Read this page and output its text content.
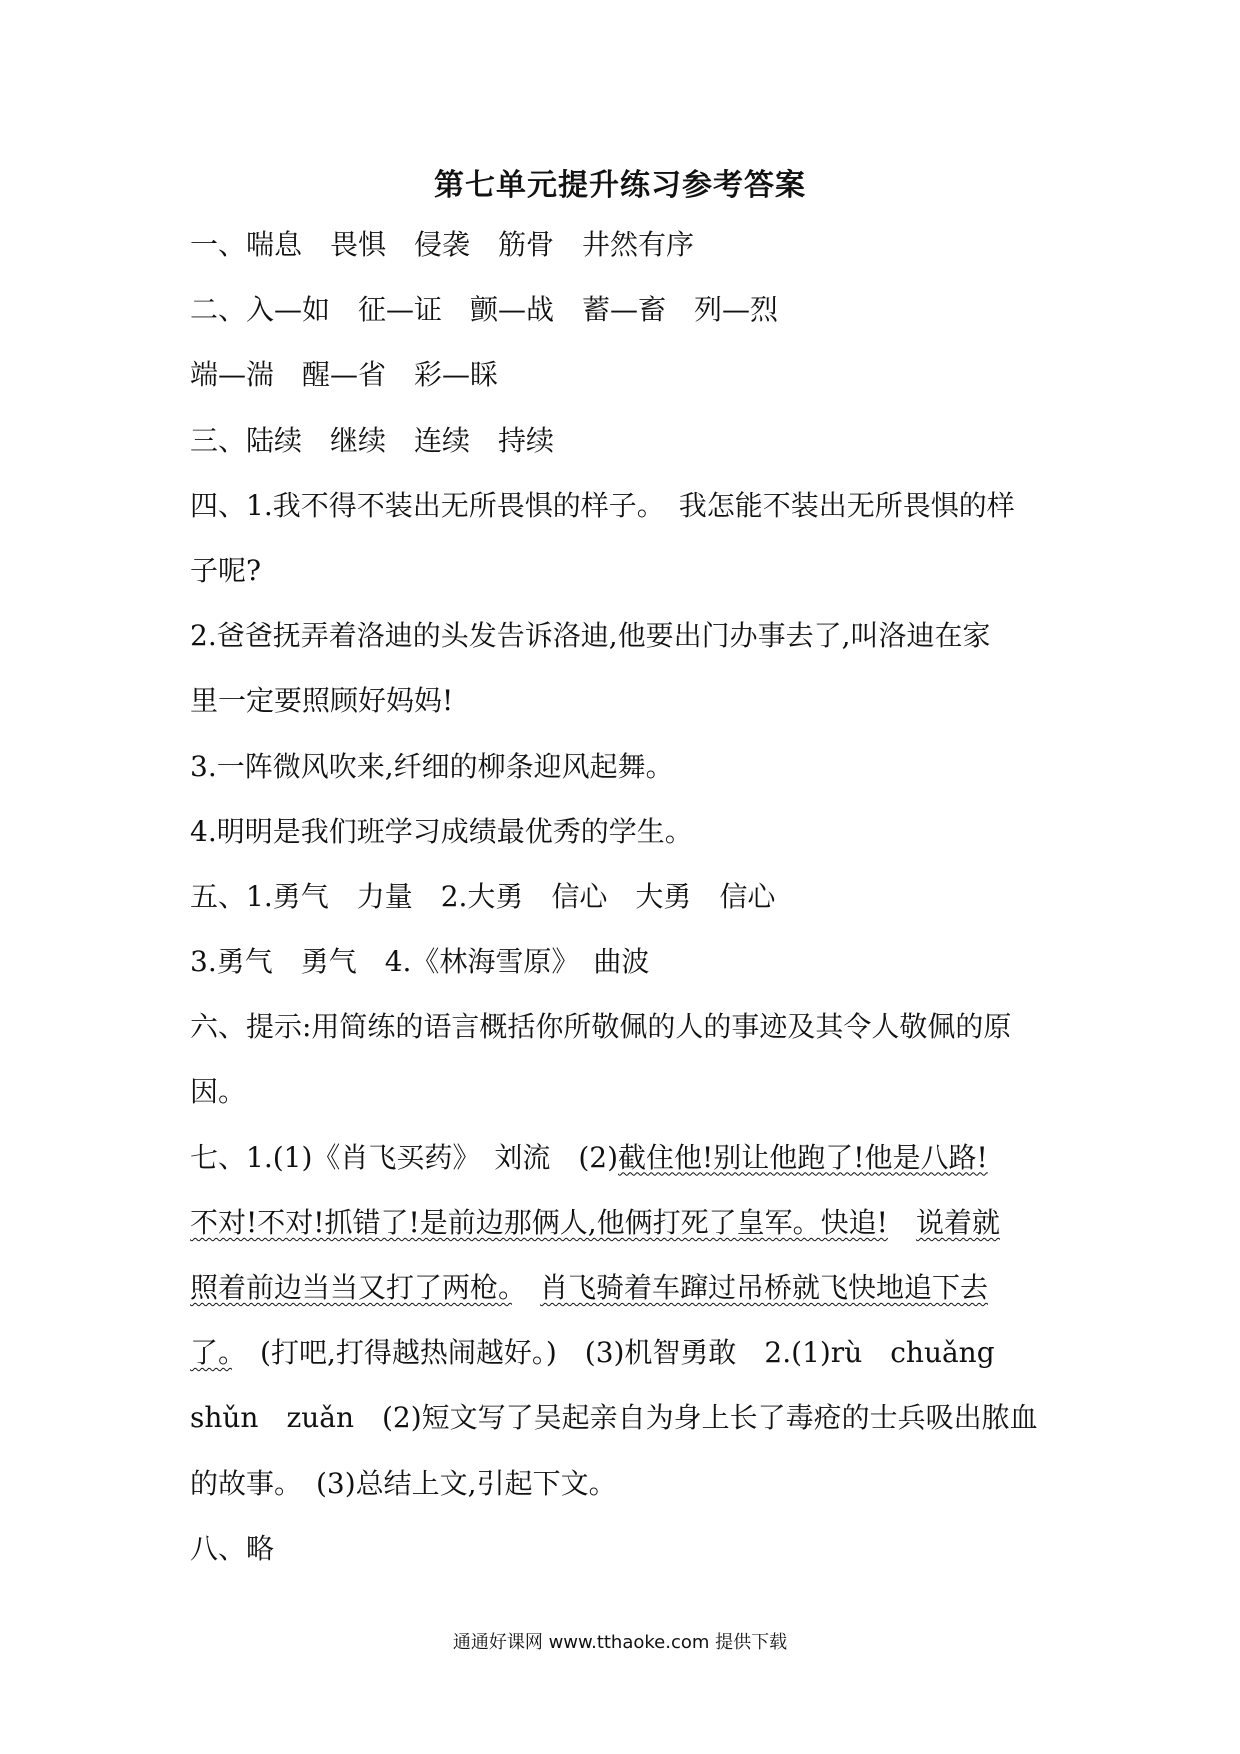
第七单元提升练习参考答案
一、喘息　畏惧　侵袭　筋骨　井然有序
二、入—如　征—证　颤—战　蓄—畜　列—烈
端—湍　醒—省　彩—睬
三、陆续　继续　连续　持续
四、1.我不得不装出无所畏惧的样子。　我怎能不装出无所畏惧的样
子呢?
2.爸爸抚弄着洛迪的头发告诉洛迪,他要出门办事去了,叫洛迪在家
里一定要照顾好妈妈!
3.一阵微风吹来,纤细的柳条迎风起舞。
4.明明是我们班学习成绩最优秀的学生。
五、1.勇气　力量　2.大勇　信心　大勇　信心
3.勇气　勇气　4.《林海雪原》　曲波
六、提示:用简练的语言概括你所敬佩的人的事迹及其令人敬佩的原
因。
七、1.(1)《肖飞买药》　刘流　(2)截住他!别让他跑了!他是八路!
不对!不对!抓错了!是前边那俩人,他俩打死了皇军。快追!　 说着就
照着前边当当又打了两枪。　 肖飞骑着车蹿过吊桥就飞快地追下去
了。　(打吧,打得越热闹越好。)　(3)机智勇敢　2.(1)rù　chuǎng
shǔn　zuǎn　(2)短文写了吴起亲自为身上长了毒疮的士兵吸出脓血
的故事。　(3)总结上文,引起下文。
八、略
通通好课网 www.tthaoke.com 提供下载
